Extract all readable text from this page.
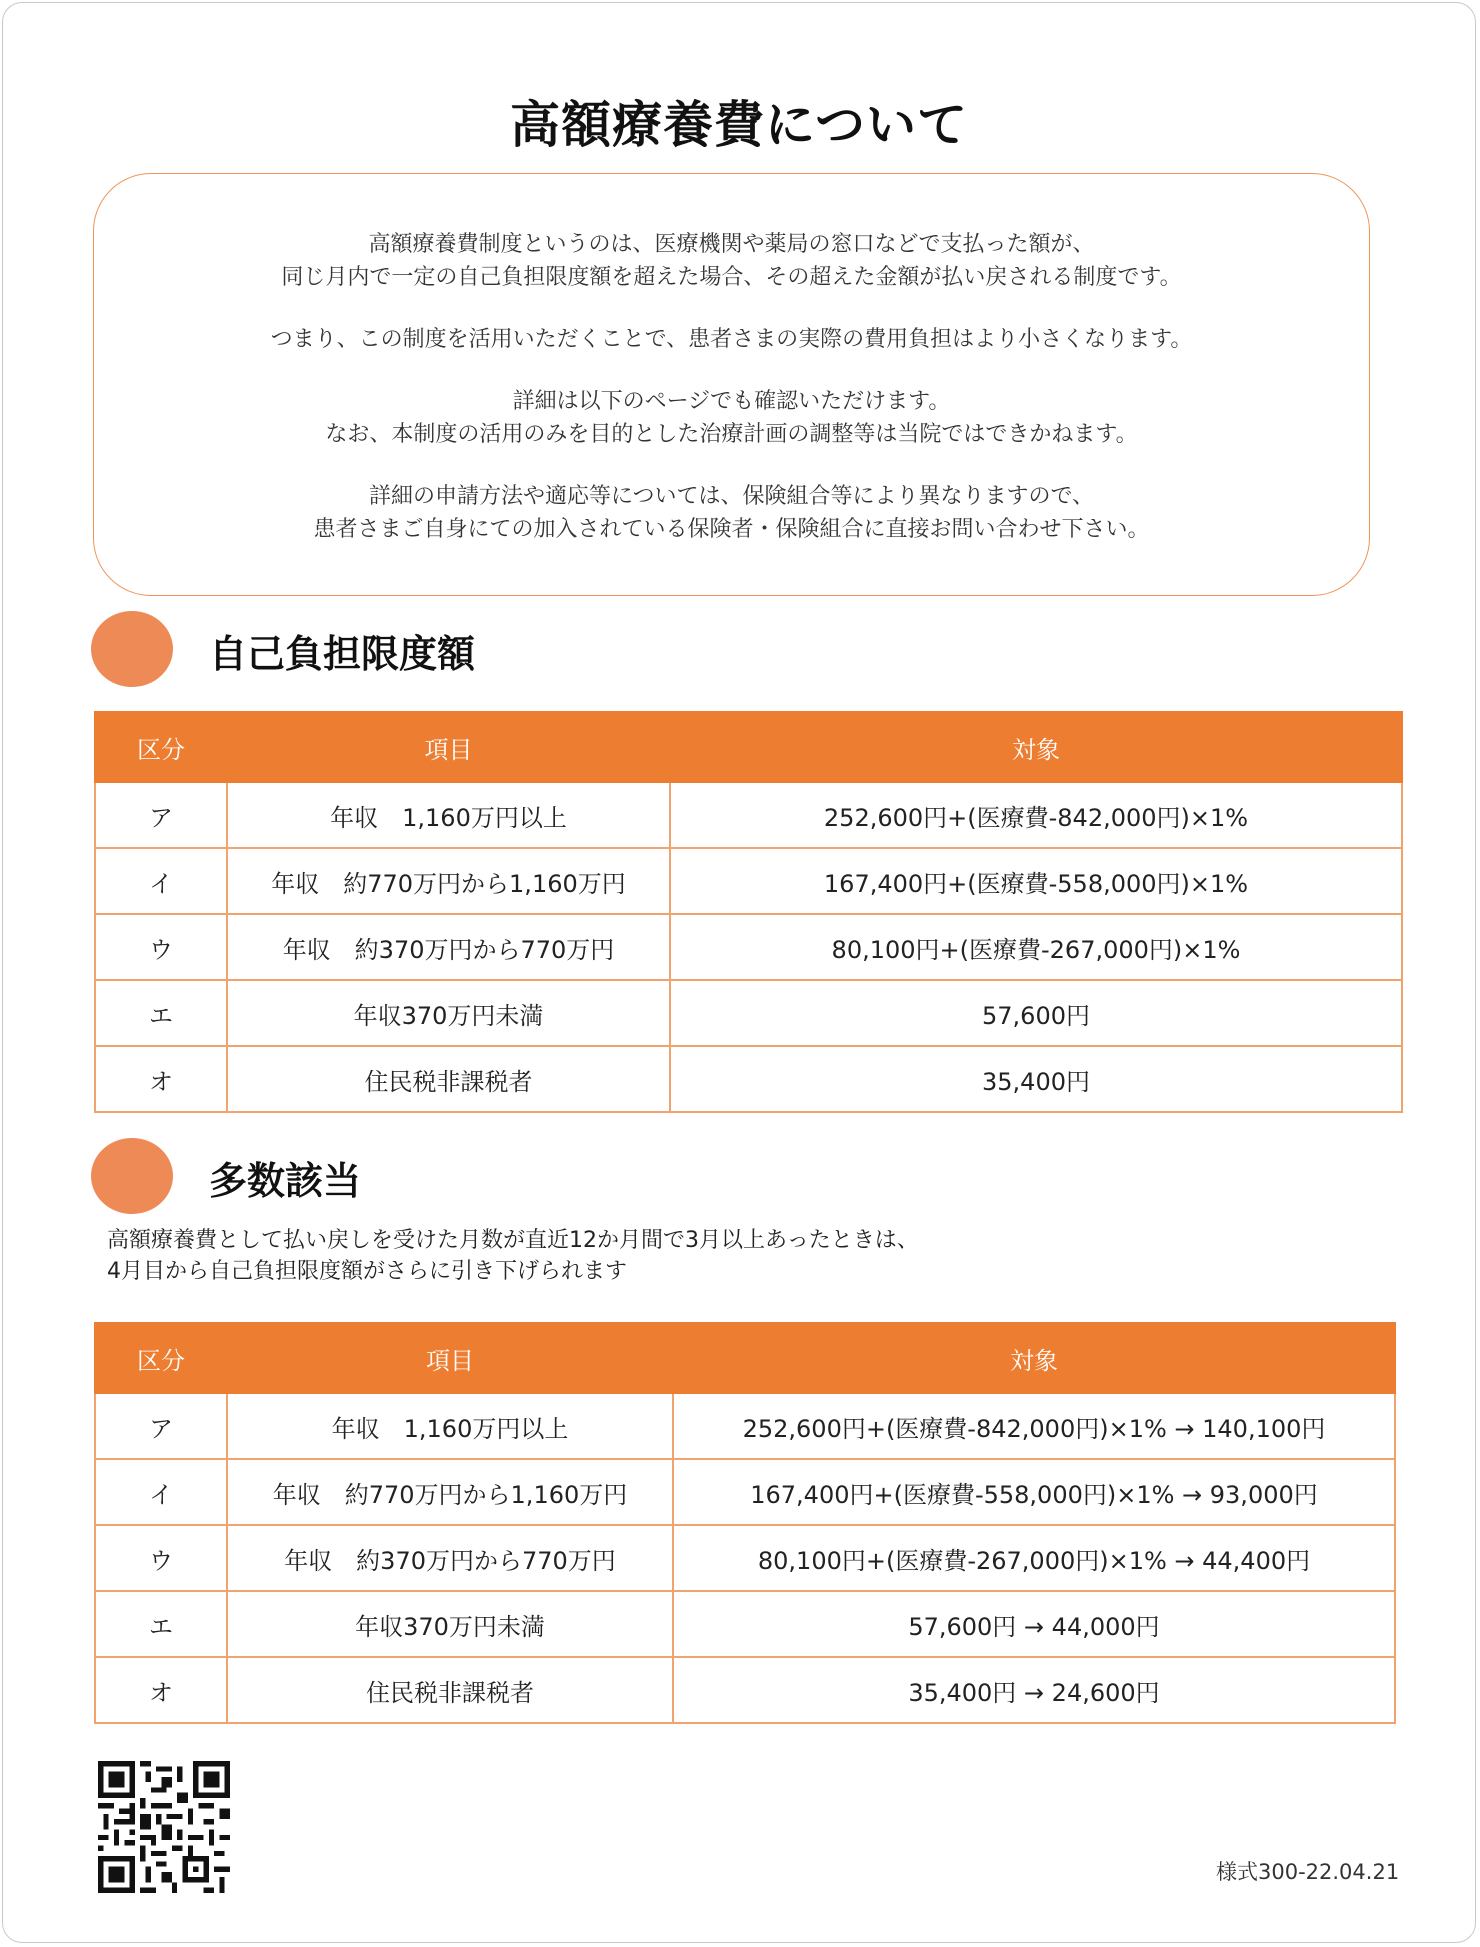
高額療養費について

高額療養費制度というのは、医療機関や薬局の窓口などで支払った額が、
同じ月内で一定の自己負担限度額を超えた場合、その超えた金額が払い戻される制度です。

つまり、この制度を活用いただくことで、患者さまの実際の費用負担はより小さくなります。

詳細は以下のページでも確認いただけます。
なお、本制度の活用のみを目的とした治療計画の調整等は当院ではできかねます。

詳細の申請方法や適応等については、保険組合等により異なりますので、
患者さまご自身にての加入されている保険者・保険組合に直接お問い合わせ下さい。

自己負担限度額
区分	項目	対象
ア	年収　1,160万円以上	252,600円+(医療費-842,000円)×1%
イ	年収　約770万円から1,160万円	167,400円+(医療費-558,000円)×1%
ウ	年収　約370万円から770万円	80,100円+(医療費-267,000円)×1%
エ	年収370万円未満	57,600円
オ	住民税非課税者	35,400円
多数該当
高額療養費として払い戻しを受けた月数が直近12か月間で3月以上あったときは、
4月目から自己負担限度額がさらに引き下げられます
区分	項目	対象
ア	年収　1,160万円以上	252,600円+(医療費-842,000円)×1% → 140,100円
イ	年収　約770万円から1,160万円	167,400円+(医療費-558,000円)×1% → 93,000円
ウ	年収　約370万円から770万円	80,100円+(医療費-267,000円)×1% → 44,400円
エ	年収370万円未満	57,600円 → 44,000円
オ	住民税非課税者	35,400円 → 24,600円
様式300-22.04.21
